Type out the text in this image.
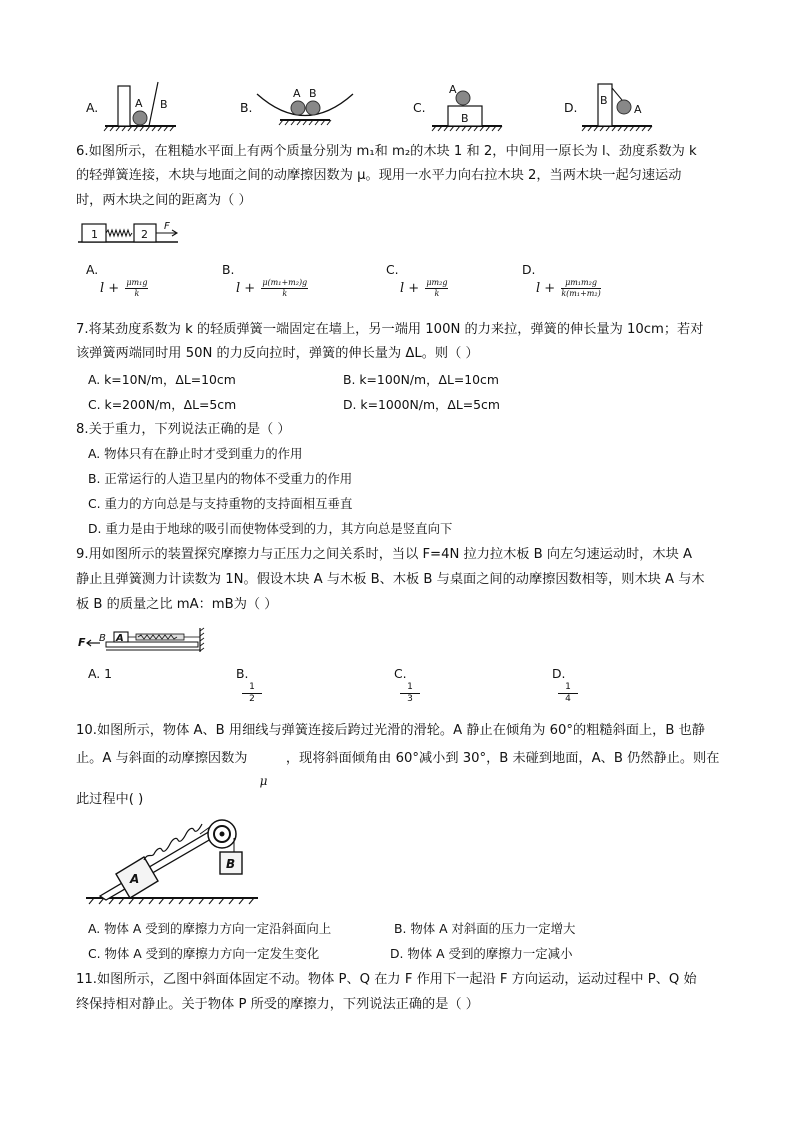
A.	A B	B.
A B
C.
A
B
D. B
A
6.如图所示，在粗糙水平面上有两个质量分别为 m₁和 m₂的木块 1 和 2，中间用一原长为 l、劲度系数为 k
的轻弹簧连接，木块与地面之间的动摩擦因数为 μ。现用一水平力向右拉木块 2，当两木块一起匀速运动
时，两木块之间的距离为（ ）
1	2
F
A.
$l + \frac{\text{μm₁g}}{k}$
B.
$l + \frac{\text{μ(m₁+m₂)g}}{k}$
C.
$l + \frac{\text{μm₂g}}{k}$
D.
$l + \frac{\text{μm₁m₂g}}{\text{k(m₁+m₂)}}$
7.将某劲度系数为 k 的轻质弹簧一端固定在墙上，另一端用 100N 的力来拉，弹簧的伸长量为 10cm；若对
该弹簧两端同时用 50N 的力反向拉时，弹簧的伸长量为 ΔL。则（ ）
A. k=10N/m，ΔL=10cm	B. k=100N/m，ΔL=10cm
C. k=200N/m，ΔL=5cm	D. k=1000N/m，ΔL=5cm
8.关于重力，下列说法正确的是（ ）
A. 物体只有在静止时才受到重力的作用
B. 正常运行的人造卫星内的物体不受重力的作用
C. 重力的方向总是与支持重物的支持面相互垂直
D. 重力是由于地球的吸引而使物体受到的力，其方向总是竖直向下
9.用如图所示的装置探究摩擦力与正压力之间关系时，当以 F=4N 拉力拉木板 B 向左匀速运动时，木块 A
静止且弹簧测力计读数为 1N。假设木块 A 与木板 B、木板 B 与桌面之间的动摩擦因数相等，则木块 A 与木
板 B 的质量之比 mA：mB为（ ）
F B A
A. 1	B.
$\frac{1}{2}$
C.
$\frac{1}{3}$
D.
$\frac{1}{4}$
10.如图所示，物体 A、B 用细线与弹簧连接后跨过光滑的滑轮。A 静止在倾角为 60°的粗糙斜面上，B 也静
止。A 与斜面的动摩擦因数为
μ
，现将斜面倾角由 60°减小到 30°，B 未碰到地面，A、B 仍然静止。则在
此过程中( )
A
B
A. 物体 A 受到的摩擦力方向一定沿斜面向上	B. 物体 A 对斜面的压力一定增大
C. 物体 A 受到的摩擦力方向一定发生变化	D. 物体 A 受到的摩擦力一定减小
11.如图所示，乙图中斜面体固定不动。物体 P、Q 在力 F 作用下一起沿 F 方向运动，运动过程中 P、Q 始
终保持相对静止。关于物体 P 所受的摩擦力，下列说法正确的是（ ）
